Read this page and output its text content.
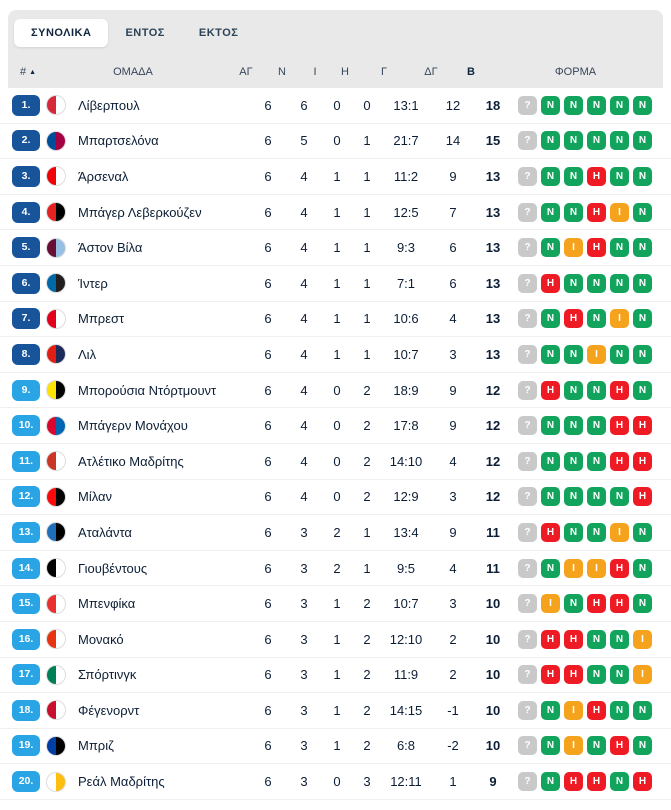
ΣΥΝΟΛΙΚΑ	ΕΝΤΟΣ	ΕΚΤΟΣ
# ▲	ΟΜΑΔΑ	ΑΓ	Ν	Ι	Η	Γ	ΔΓ	Β	ΦΟΡΜΑ
1.	Λίβερπουλ	6	6	0	0	13:1	12	18	?	N	N	N	N	N
2.	Μπαρτσελόνα	6	5	0	1	21:7	14	15	?	N	N	N	N	N
3.	Άρσεναλ	6	4	1	1	11:2	9	13	?	N	N	H	N	N
4.	Μπάγερ Λεβερκούζεν	6	4	1	1	12:5	7	13	?	N	N	H	I	N
5.	Άστον Βίλα	6	4	1	1	9:3	6	13	?	N	I	H	N	N
6.	Ίντερ	6	4	1	1	7:1	6	13	?	H	N	N	N	N
7.	Μπρεστ	6	4	1	1	10:6	4	13	?	N	H	N	I	N
8.	Λιλ	6	4	1	1	10:7	3	13	?	N	N	I	N	N
9.	Μπορούσια Ντόρτμουντ	6	4	0	2	18:9	9	12	?	H	N	N	H	N
10.	Μπάγερν Μονάχου	6	4	0	2	17:8	9	12	?	N	N	N	H	H
11.	Ατλέτικο Μαδρίτης	6	4	0	2	14:10	4	12	?	N	N	N	H	H
12.	Μίλαν	6	4	0	2	12:9	3	12	?	N	N	N	N	H
13.	Αταλάντα	6	3	2	1	13:4	9	11	?	H	N	N	I	N
14.	Γιουβέντους	6	3	2	1	9:5	4	11	?	N	I	I	H	N
15.	Μπενφίκα	6	3	1	2	10:7	3	10	?	I	N	H	H	N
16.	Μονακό	6	3	1	2	12:10	2	10	?	H	H	N	N	I
17.	Σπόρτινγκ	6	3	1	2	11:9	2	10	?	H	H	N	N	I
18.	Φέγενορντ	6	3	1	2	14:15	-1	10	?	N	I	H	N	N
19.	Μπριζ	6	3	1	2	6:8	-2	10	?	N	I	N	H	N
20.	Ρεάλ Μαδρίτης	6	3	0	3	12:11	1	9	?	N	H	H	N	H
